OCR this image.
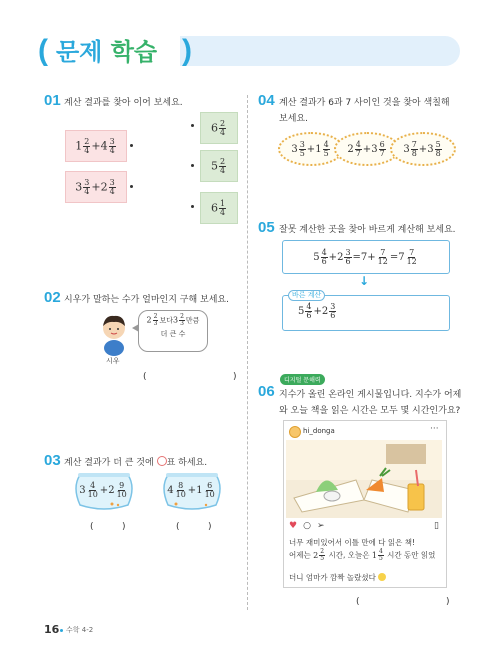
(	)
문제 학습
01 계산 결과를 찾아 이어 보세요.
$1 \frac{2}{4} +4 \frac{3}{4}$
$3 \frac{3}{4} +2 \frac{3}{4}$
$6 \frac{2}{4}$
$5 \frac{2}{4}$
$6 \frac{1}{4}$
02 시우가 말하는 수가 얼마인지 구해 보세요.
시우
$2 \frac{2}{3}$ 보다$3 \frac{2}{3}$ 만큼
더 큰 수
(	)
03 계산 결과가 더 큰 것에 표 하세요.
$3 \frac{4}{10} +2 \frac{9}{10}$	$4 \frac{8}{10} +1 \frac{6}{10}$
(	)	(	)
04 계산 결과가 6과 7 사이인 것을 찾아 색칠해
보세요.
$3 \frac{3}{5} +1 \frac{4}{5} 2 \frac{4}{7} +3 \frac{6}{7} 3 \frac{7}{8} +3 \frac{5}{8}$
05 잘못 계산한 곳을 찾아 바르게 계산해 보세요.
$5 \frac{4}{6} +2 \frac{3}{6} =7+ \frac{7}{12} =7 \frac{7}{12}$
↓
바른 계산
$5 \frac{4}{6} +2 \frac{3}{6}$
디지털 문해력
06 지수가 올린 온라인 게시물입니다. 지수가 어제
와 오늘 책을 읽은 시간은 모두 몇 시간인가요?
hi_donga	···
♥ ○ ➢	▯
너무 재미있어서 이틀 만에 다 읽은 책!
어제는 $2 \frac{2}{5}$ 시간, 오늘은 $1 \frac{4}{5}$ 시간 동안 읽었
더니 엄마가 깜짝 놀랐셨다
(	)
16 수학 4-2
